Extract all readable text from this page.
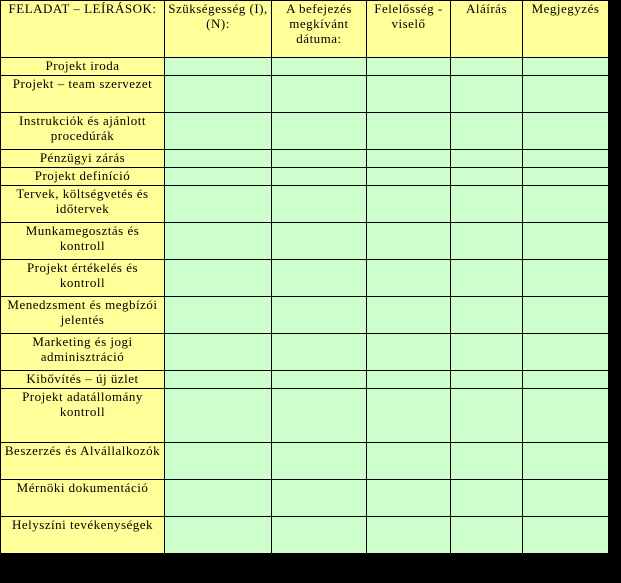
FELADAT – LEÍRÁSOK:	Szükségesség (I), (N):	A befejezés megkívánt dátuma:	Felelősség - viselő	Aláírás	Megjegyzés
Projekt iroda					
Projekt – team szervezet					
Instrukciók és ajánlott procedúrák					
Pénzügyi zárás					
Projekt definíció					
Tervek, költségvetés és időtervek					
Munkamegosztás és kontroll					
Projekt értékelés és kontroll					
Menedzsment és megbízói jelentés					
Marketing és jogi adminisztráció					
Kibővítés – új üzlet					
Projekt adatállomány kontroll					
Beszerzés és Alvállalkozók					
Mérnöki dokumentáció					
Helyszíni tevékenységek					
